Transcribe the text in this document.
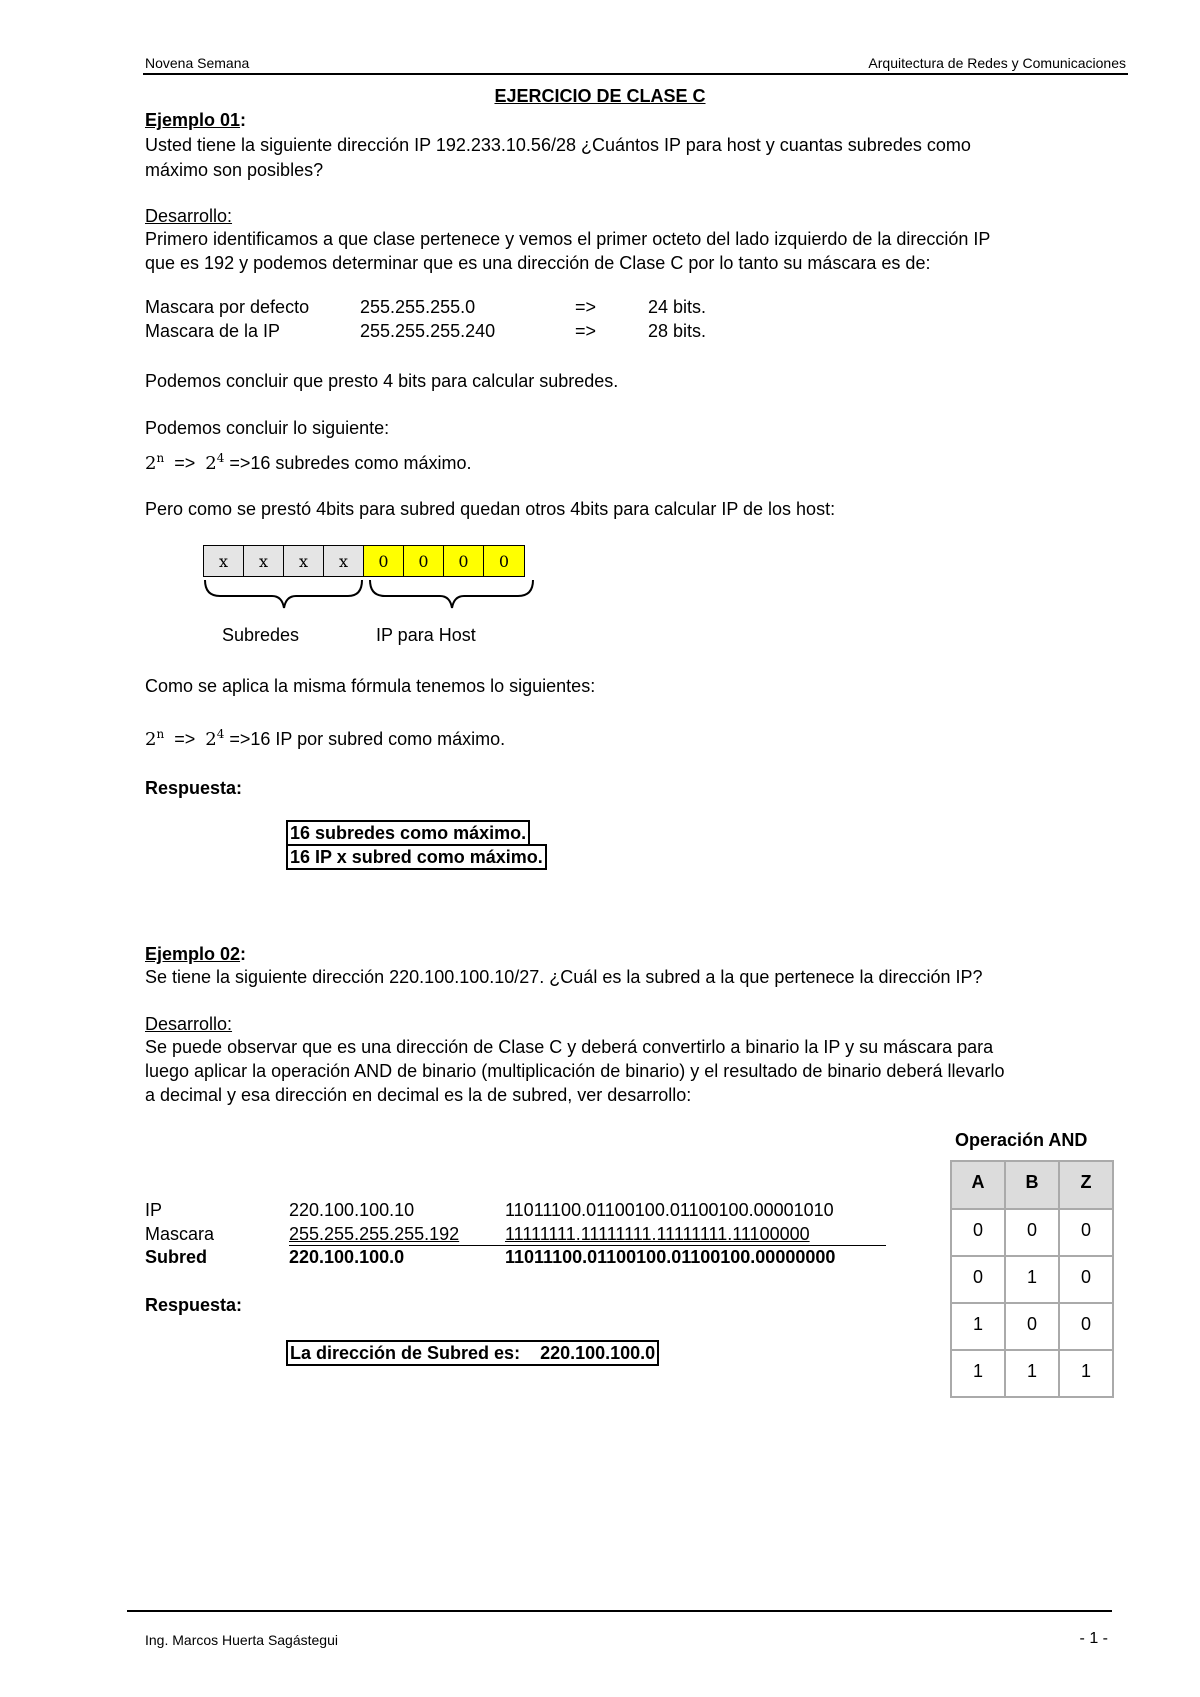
Novena Semana	Arquitectura de Redes y Comunicaciones
EJERCICIO DE CLASE C
Ejemplo 01:
Usted tiene la siguiente dirección IP 192.233.10.56/28 ¿Cuántos IP para host y cuantas subredes como
máximo son posibles?
Desarrollo:
Primero identificamos a que clase pertenece y vemos el primer octeto del lado izquierdo de la dirección IP
que es 192 y podemos determinar que es una dirección de Clase C por lo tanto su máscara es de:
Mascara por defecto	255.255.255.0	=>	24 bits.
Mascara de la IP	255.255.255.240	=>	28 bits.
Podemos concluir que presto 4 bits para calcular subredes.
Podemos concluir lo siguiente:
$2^n => 2^4 =>16$ subredes como máximo.
Pero como se prestó 4bits para subred quedan otros 4bits para calcular IP de los host:
x	x	x	x	0	0	0	0
Subredes	IP para Host
Como se aplica la misma fórmula tenemos lo siguientes:
$2^n => 2^4 =>16$ IP por subred como máximo.
Respuesta:
16 subredes como máximo.
16 IP x subred como máximo.
Ejemplo 02:
Se tiene la siguiente dirección 220.100.100.10/27. ¿Cuál es la subred a la que pertenece la dirección IP?
Desarrollo:
Se puede observar que es una dirección de Clase C y deberá convertirlo a binario la IP y su máscara para
luego aplicar la operación AND de binario (multiplicación de binario) y el resultado de binario deberá llevarlo
a decimal y esa dirección en decimal es la de subred, ver desarrollo:
Operación AND
IP	220.100.100.10	11011100.01100100.01100100.00001010
Mascara	255.255.255.255.192	11111111.11111111.11111111.11100000
Subred	220.100.100.0	11011100.01100100.01100100.00000000
Respuesta:
La dirección de Subred es: 220.100.100.0
A	B	Z
0	0	0
0	1	0
1	0	0
1	1	1
Ing. Marcos Huerta Sagástegui	- 1 -
